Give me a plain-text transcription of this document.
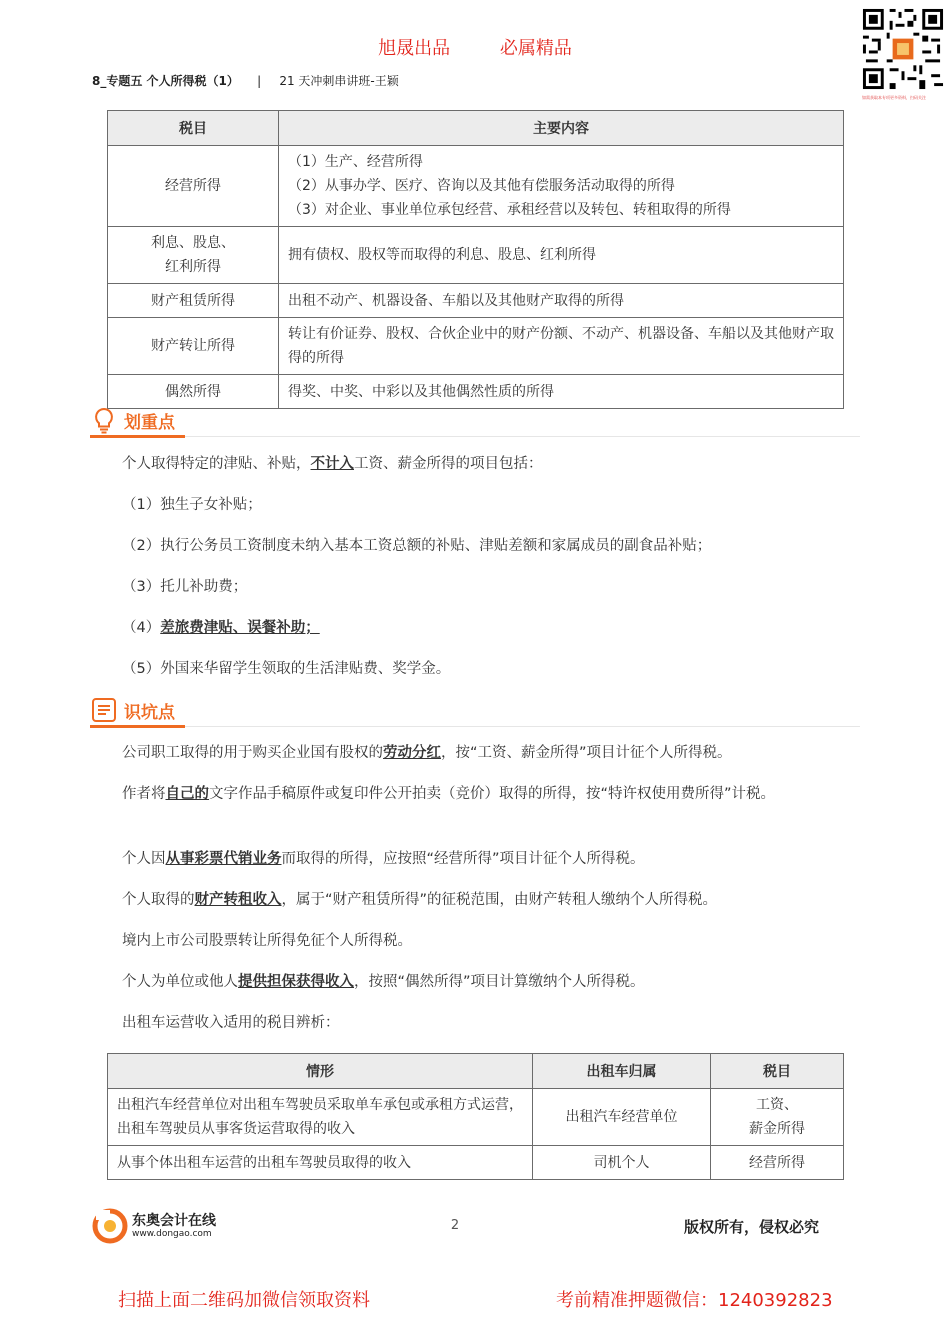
旭晟出品	必属精品
8_专题五 个人所得税（1） | 21 天冲刺串讲班-王颖
如需获取本专项更多资料，扫码关注
税目	主要内容
经营所得	（1）生产、经营所得
（2）从事办学、医疗、咨询以及其他有偿服务活动取得的所得
（3）对企业、事业单位承包经营、承租经营以及转包、转租取得的所得

利息、股息、
红利所得	拥有债权、股权等而取得的利息、股息、红利所得
财产租赁所得	出租不动产、机器设备、车船以及其他财产取得的所得
财产转让所得	转让有价证券、股权、合伙企业中的财产份额、不动产、机器设备、车船以及其他财产取得的所得
偶然所得	得奖、中奖、中彩以及其他偶然性质的所得
划重点
个人取得特定的津贴、补贴，不计入工资、薪金所得的项目包括：
（1）独生子女补贴；
（2）执行公务员工资制度未纳入基本工资总额的补贴、津贴差额和家属成员的副食品补贴；
（3）托儿补助费；
（4）差旅费津贴、误餐补助；
（5）外国来华留学生领取的生活津贴费、奖学金。
识坑点
公司职工取得的用于购买企业国有股权的劳动分红，按“工资、薪金所得”项目计征个人所得税。
作者将自己的文字作品手稿原件或复印件公开拍卖（竞价）取得的所得，按“特许权使用费所得”计税。
个人因从事彩票代销业务而取得的所得，应按照“经营所得”项目计征个人所得税。
个人取得的财产转租收入，属于“财产租赁所得”的征税范围，由财产转租人缴纳个人所得税。
境内上市公司股票转让所得免征个人所得税。
个人为单位或他人提供担保获得收入，按照“偶然所得”项目计算缴纳个人所得税。
出租车运营收入适用的税目辨析：
情形	出租车归属	税目
出租汽车经营单位对出租车驾驶员采取单车承包或承租方式运营，出租车驾驶员从事客货运营取得的收入	出租汽车经营单位	工资、
薪金所得
从事个体出租车运营的出租车驾驶员取得的收入	司机个人	经营所得
东奥会计在线
www.dongao.com
2	版权所有，侵权必究
扫描上面二维码加微信领取资料	考前精准押题微信：1240392823
